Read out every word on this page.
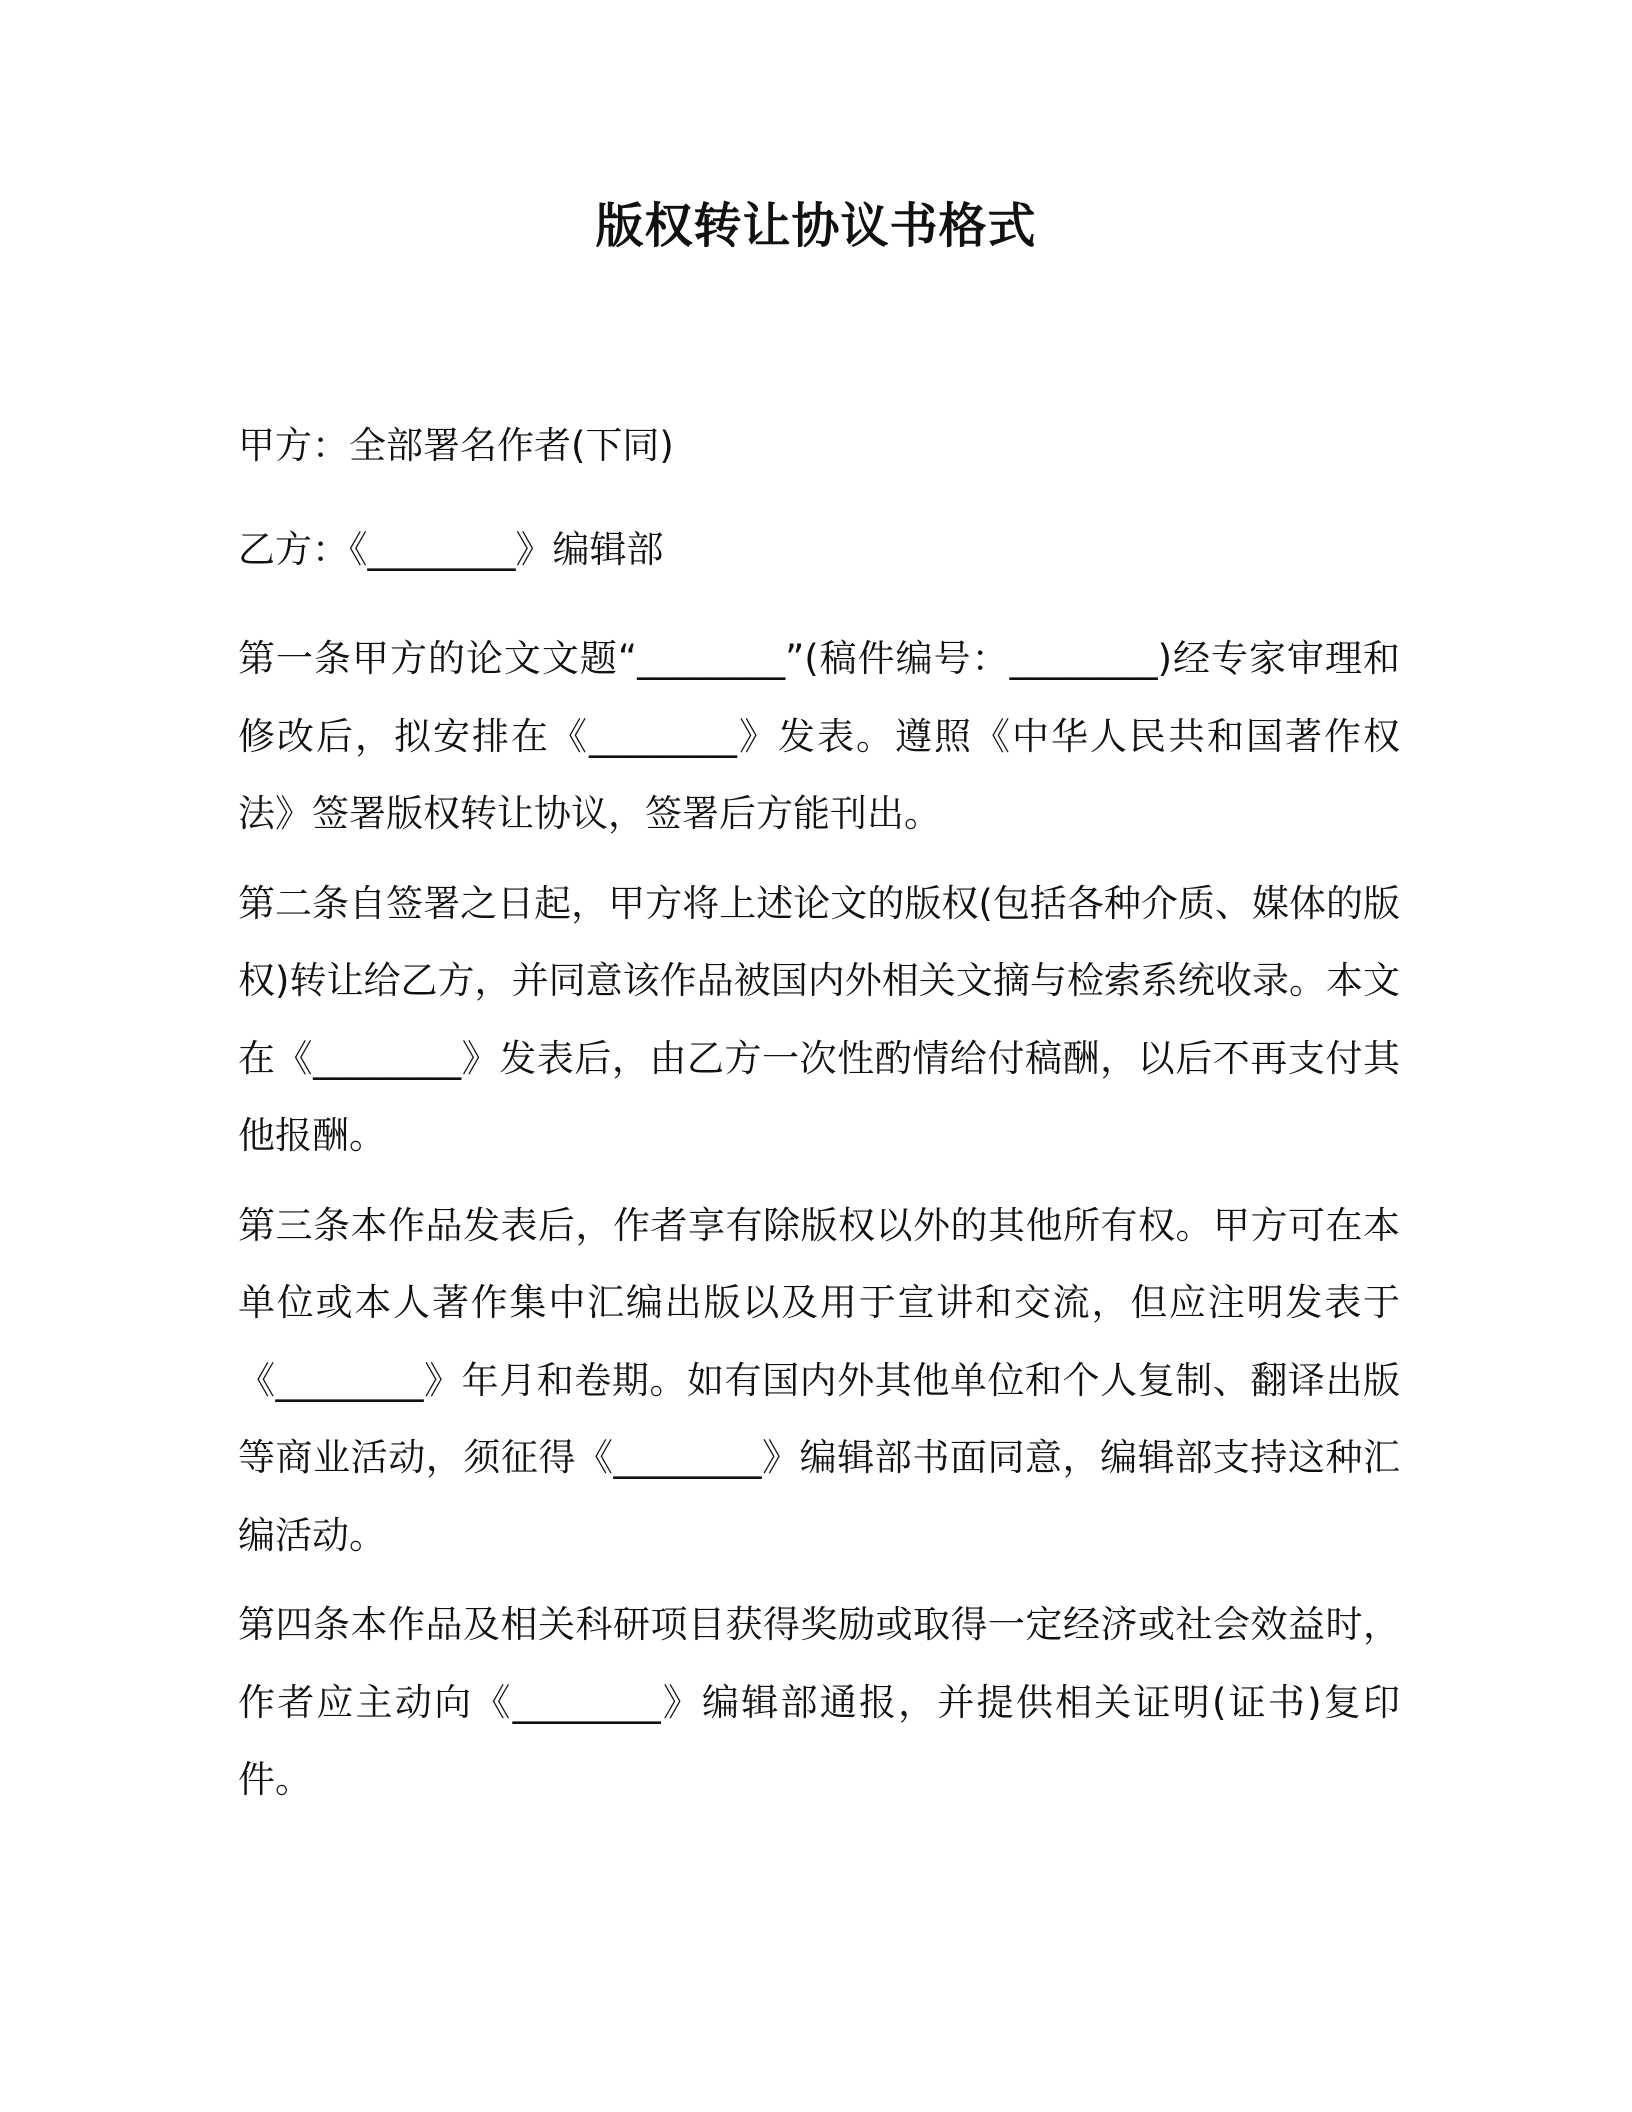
版权转让协议书格式

甲方：全部署名作者(下同)

乙方：《________》编辑部

第一条甲方的论文文题“________”(稿件编号：________)经专家审理和修改后，拟安排在《________》发表。遵照《中华人民共和国著作权法》签署版权转让协议，签署后方能刊出。

第二条自签署之日起，甲方将上述论文的版权(包括各种介质、媒体的版权)转让给乙方，并同意该作品被国内外相关文摘与检索系统收录。本文在《________》发表后，由乙方一次性酌情给付稿酬，以后不再支付其他报酬。

第三条本作品发表后，作者享有除版权以外的其他所有权。甲方可在本单位或本人著作集中汇编出版以及用于宣讲和交流，但应注明发表于《________》年月和卷期。如有国内外其他单位和个人复制、翻译出版等商业活动，须征得《________》编辑部书面同意，编辑部支持这种汇编活动。

第四条本作品及相关科研项目获得奖励或取得一定经济或社会效益时，作者应主动向《________》编辑部通报，并提供相关证明(证书)复印件。
